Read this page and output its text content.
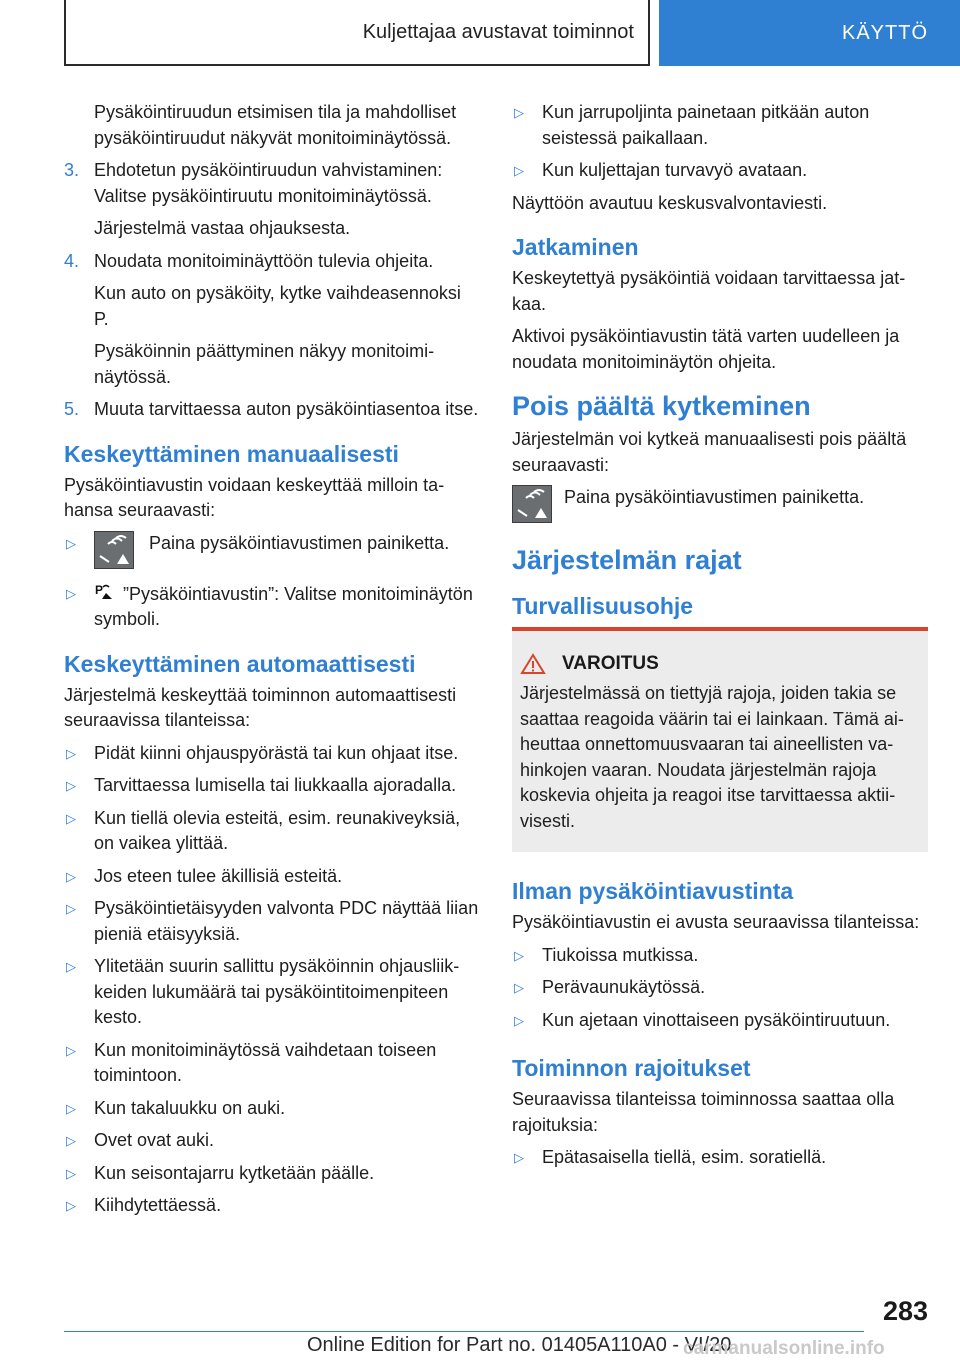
Kuljettajaa avustavat toiminnot	KÄYTTÖ
Pysäköintiruudun etsimisen tila ja mahdolliset pysäköintiruudut näkyvät monitoiminäytössä.
3. Ehdotetun pysäköintiruudun vahvistaminen: Valitse pysäköintiruutu monitoiminäytössä.
Järjestelmä vastaa ohjauksesta.
4. Noudata monitoiminäyttöön tulevia ohjeita.
Kun auto on pysäköity, kytke vaihdeasennoksi P.
Pysäköinnin päättyminen näkyy monitoiminäytössä.
5. Muuta tarvittaessa auton pysäköintiasentoa itse.
Keskeyttäminen manuaalisesti
Pysäköintiavustin voidaan keskeyttää milloin tahansa seuraavasti:
▷	Paina pysäköintiavustimen painiketta.
▷ P ”Pysäköintiavustin”: Valitse monitoiminäytön symboli.
Keskeyttäminen automaattisesti
Järjestelmä keskeyttää toiminnon automaattisesti seuraavissa tilanteissa:
▷ Pidät kiinni ohjauspyörästä tai kun ohjaat itse.
▷ Tarvittaessa lumisella tai liukkaalla ajoradalla.
▷ Kun tiellä olevia esteitä, esim. reunakiveyksiä, on vaikea ylittää.
▷ Jos eteen tulee äkillisiä esteitä.
▷ Pysäköintietäisyyden valvonta PDC näyttää liian pieniä etäisyyksiä.
▷ Ylitetään suurin sallittu pysäköinnin ohjausliikkeiden lukumäärä tai pysäköintitoimenpiteen kesto.
▷ Kun monitoiminäytössä vaihdetaan toiseen toimintoon.
▷ Kun takaluukku on auki.
▷ Ovet ovat auki.
▷ Kun seisontajarru kytketään päälle.
▷ Kiihdytettäessä.
▷ Kun jarrupoljinta painetaan pitkään auton seistessä paikallaan.
▷ Kun kuljettajan turvavyö avataan.
Näyttöön avautuu keskusvalvontaviesti.
Jatkaminen
Keskeytettyä pysäköintiä voidaan tarvittaessa jatkaa.
Aktivoi pysäköintiavustin tätä varten uudelleen ja noudata monitoiminäytön ohjeita.
Pois päältä kytkeminen
Järjestelmän voi kytkeä manuaalisesti pois päältä seuraavasti:
Paina pysäköintiavustimen painiketta.
Järjestelmän rajat
Turvallisuusohje
VAROITUS
Järjestelmässä on tiettyjä rajoja, joiden takia se saattaa reagoida väärin tai ei lainkaan. Tämä aiheuttaa onnettomuusvaaran tai aineellisten vahinkojen vaaran. Noudata järjestelmän rajoja koskevia ohjeita ja reagoi itse tarvittaessa aktiivisesti.
Ilman pysäköintiavustinta
Pysäköintiavustin ei avusta seuraavissa tilanteissa:
▷ Tiukoissa mutkissa.
▷ Perävaunukäytössä.
▷ Kun ajetaan vinottaiseen pysäköintiruutuun.
Toiminnon rajoitukset
Seuraavissa tilanteissa toiminnossa saattaa olla rajoituksia:
▷ Epätasaisella tiellä, esim. soratiellä.
283
Online Edition for Part no. 01405A110A0 - VI/20
carmanualsonline.info
